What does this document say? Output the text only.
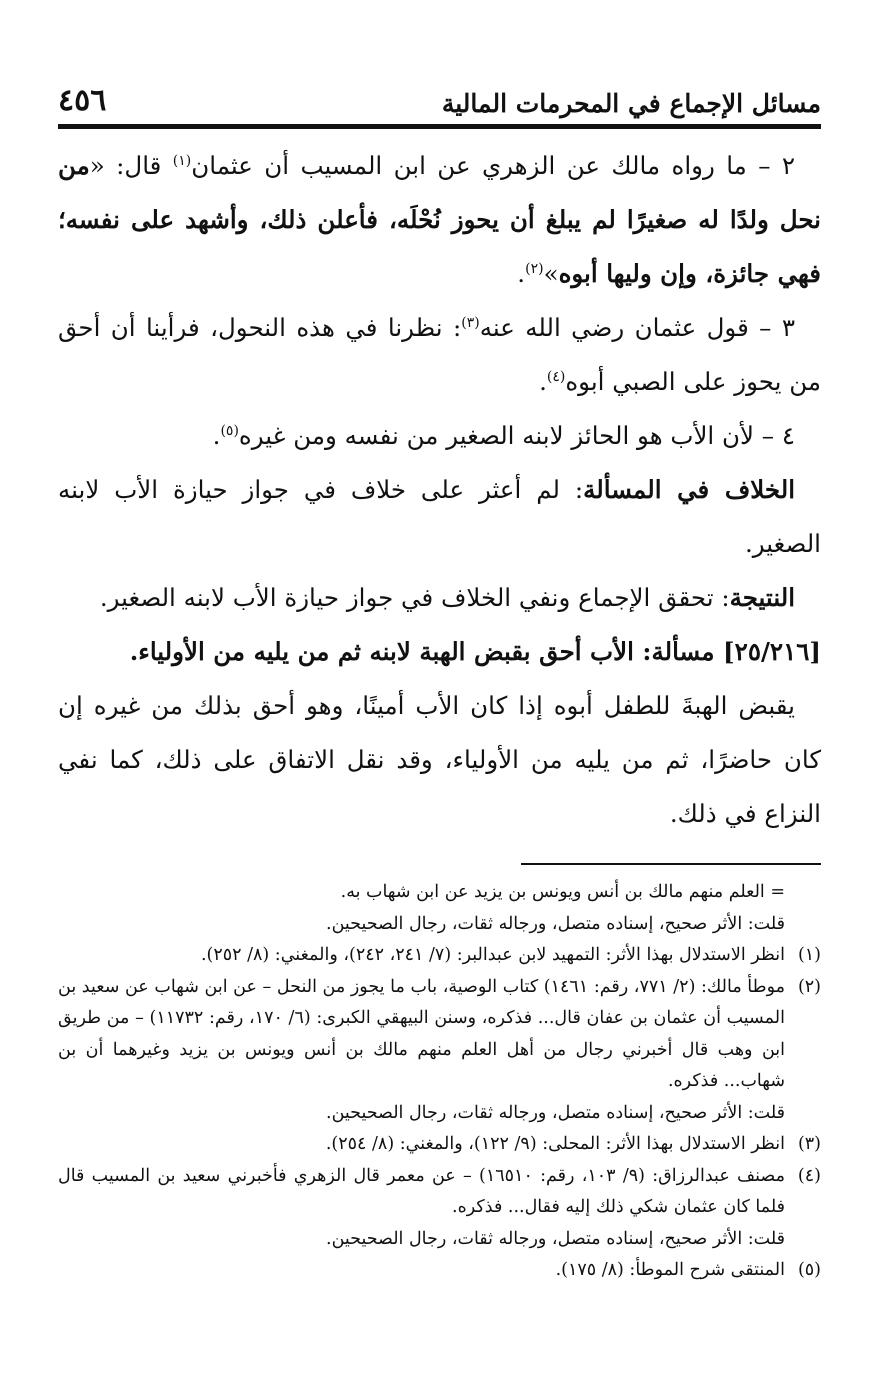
مسائل الإجماع في المحرمات المالية
٤٥٦

٢ – ما رواه مالك عن الزهري عن ابن المسيب أن عثمان$^{(١)}$ قال: «من نحل ولدًا له صغيرًا لم يبلغ أن يحوز نُحْلَه، فأعلن ذلك، وأشهد على نفسه؛ فهي جائزة، وإن وليها أبوه»$^{(٢)}$.

٣ – قول عثمان رضي الله عنه$^{(٣)}$: نظرنا في هذه النحول، فرأينا أن أحق من يحوز على الصبي أبوه$^{(٤)}$.

٤ – لأن الأب هو الحائز لابنه الصغير من نفسه ومن غيره$^{(٥)}$.

الخلاف في المسألة: لم أعثر على خلاف في جواز حيازة الأب لابنه الصغير.

النتيجة: تحقق الإجماع ونفي الخلاف في جواز حيازة الأب لابنه الصغير.

[٢٥/٢١٦] مسألة: الأب أحق بقبض الهبة لابنه ثم من يليه من الأولياء.

يقبض الهبةَ للطفل أبوه إذا كان الأب أمينًا، وهو أحق بذلك من غيره إن كان حاضرًا، ثم من يليه من الأولياء، وقد نقل الاتفاق على ذلك، كما نفي النزاع في ذلك.

= العلم منهم مالك بن أنس ويونس بن يزيد عن ابن شهاب به.

قلت: الأثر صحيح، إسناده متصل، ورجاله ثقات، رجال الصحيحين.

(١)انظر الاستدلال بهذا الأثر: التمهيد لابن عبدالبر: (٧/ ٢٤١، ٢٤٢)، والمغني: (٨/ ٢٥٢).

(٢)موطأ مالك: (٢/ ٧٧١، رقم: ١٤٦١) كتاب الوصية، باب ما يجوز من النحل – عن ابن شهاب عن سعيد بن المسيب أن عثمان بن عفان قال... فذكره، وسنن البيهقي الكبرى: (٦/ ١٧٠، رقم: ١١٧٣٢) – من طريق ابن وهب قال أخبرني رجال من أهل العلم منهم مالك بن أنس ويونس بن يزيد وغيرهما أن بن شهاب... فذكره.

قلت: الأثر صحيح، إسناده متصل، ورجاله ثقات، رجال الصحيحين.

(٣)انظر الاستدلال بهذا الأثر: المحلى: (٩/ ١٢٢)، والمغني: (٨/ ٢٥٤).

(٤)مصنف عبدالرزاق: (٩/ ١٠٣، رقم: ١٦٥١٠) – عن معمر قال الزهري فأخبرني سعيد بن المسيب قال فلما كان عثمان شكي ذلك إليه فقال... فذكره.

قلت: الأثر صحيح، إسناده متصل، ورجاله ثقات، رجال الصحيحين.

(٥)المنتقى شرح الموطأ: (٨/ ١٧٥).
